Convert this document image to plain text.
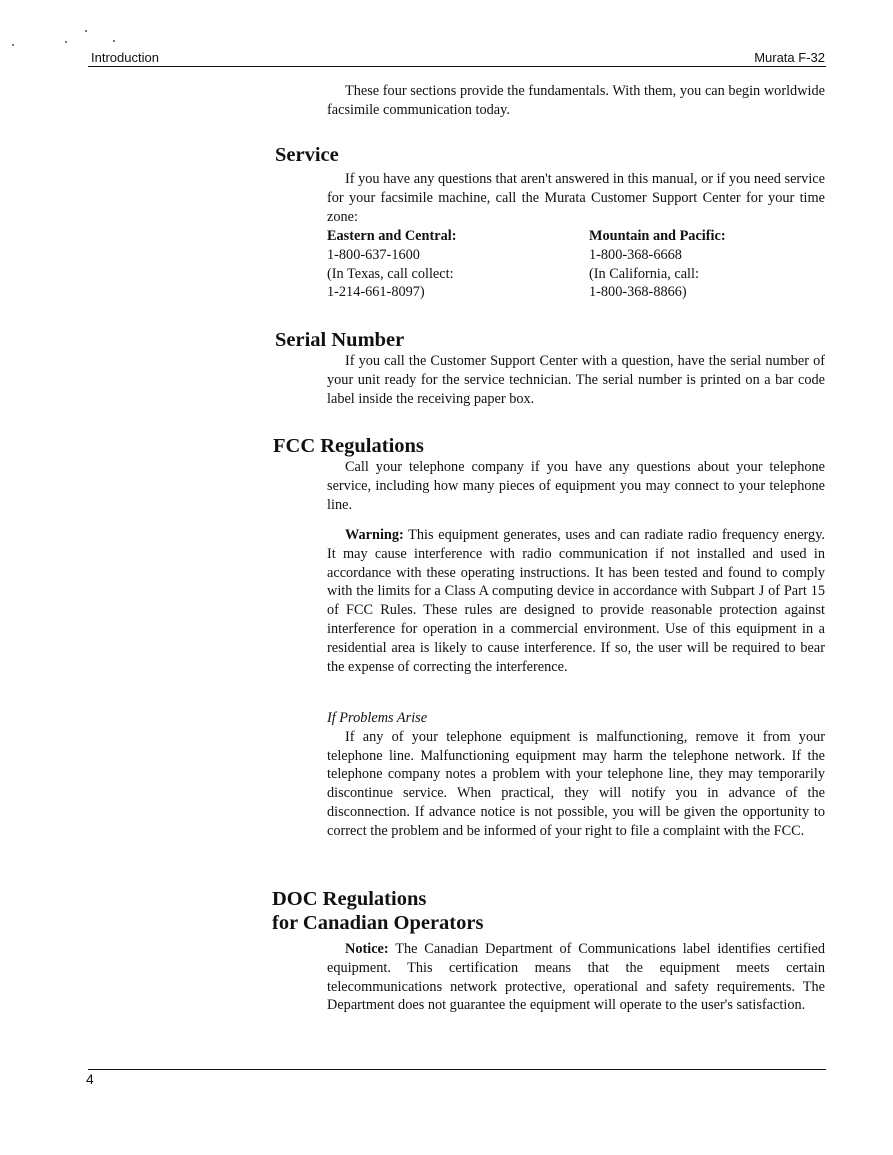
Introduction	Murata F-32

These four sections provide the fundamentals. With them, you can begin worldwide facsimile communication today.

Service

If you have any questions that aren't answered in this manual, or if you need service for your facsimile machine, call the Murata Customer Support Center for your time zone:

Eastern and Central:
1-800-637-1600
(In Texas, call collect:
1-214-661-8097)
Mountain and Pacific:
1-800-368-6668
(In California, call:
1-800-368-8866)
Serial Number

If you call the Customer Support Center with a question, have the serial number of your unit ready for the service technician. The serial number is printed on a bar code label inside the receiving paper box.

FCC Regulations

Call your telephone company if you have any questions about your telephone service, including how many pieces of equipment you may connect to your telephone line.

Warning: This equipment generates, uses and can radiate radio frequency energy. It may cause interference with radio communication if not installed and used in accordance with these operating instructions. It has been tested and found to comply with the limits for a Class A computing device in accordance with Subpart J of Part 15 of FCC Rules. These rules are designed to provide reasonable protection against interference for operation in a commercial environment. Use of this equipment in a residential area is likely to cause interference. If so, the user will be required to bear the expense of correcting the interference.

If Problems Arise

If any of your telephone equipment is malfunctioning, remove it from your telephone line. Malfunctioning equipment may harm the telephone network. If the telephone company notes a problem with your telephone line, they may temporarily discontinue service. When practical, they will notify you in advance of the disconnection. If advance notice is not possible, you will be given the opportunity to correct the problem and be informed of your right to file a complaint with the FCC.

DOC Regulations
for Canadian Operators

Notice: The Canadian Department of Communications label identifies certified equipment. This certification means that the equipment meets certain telecommunications network protective, operational and safety requirements. The Department does not guarantee the equipment will operate to the user's satisfaction.

4
